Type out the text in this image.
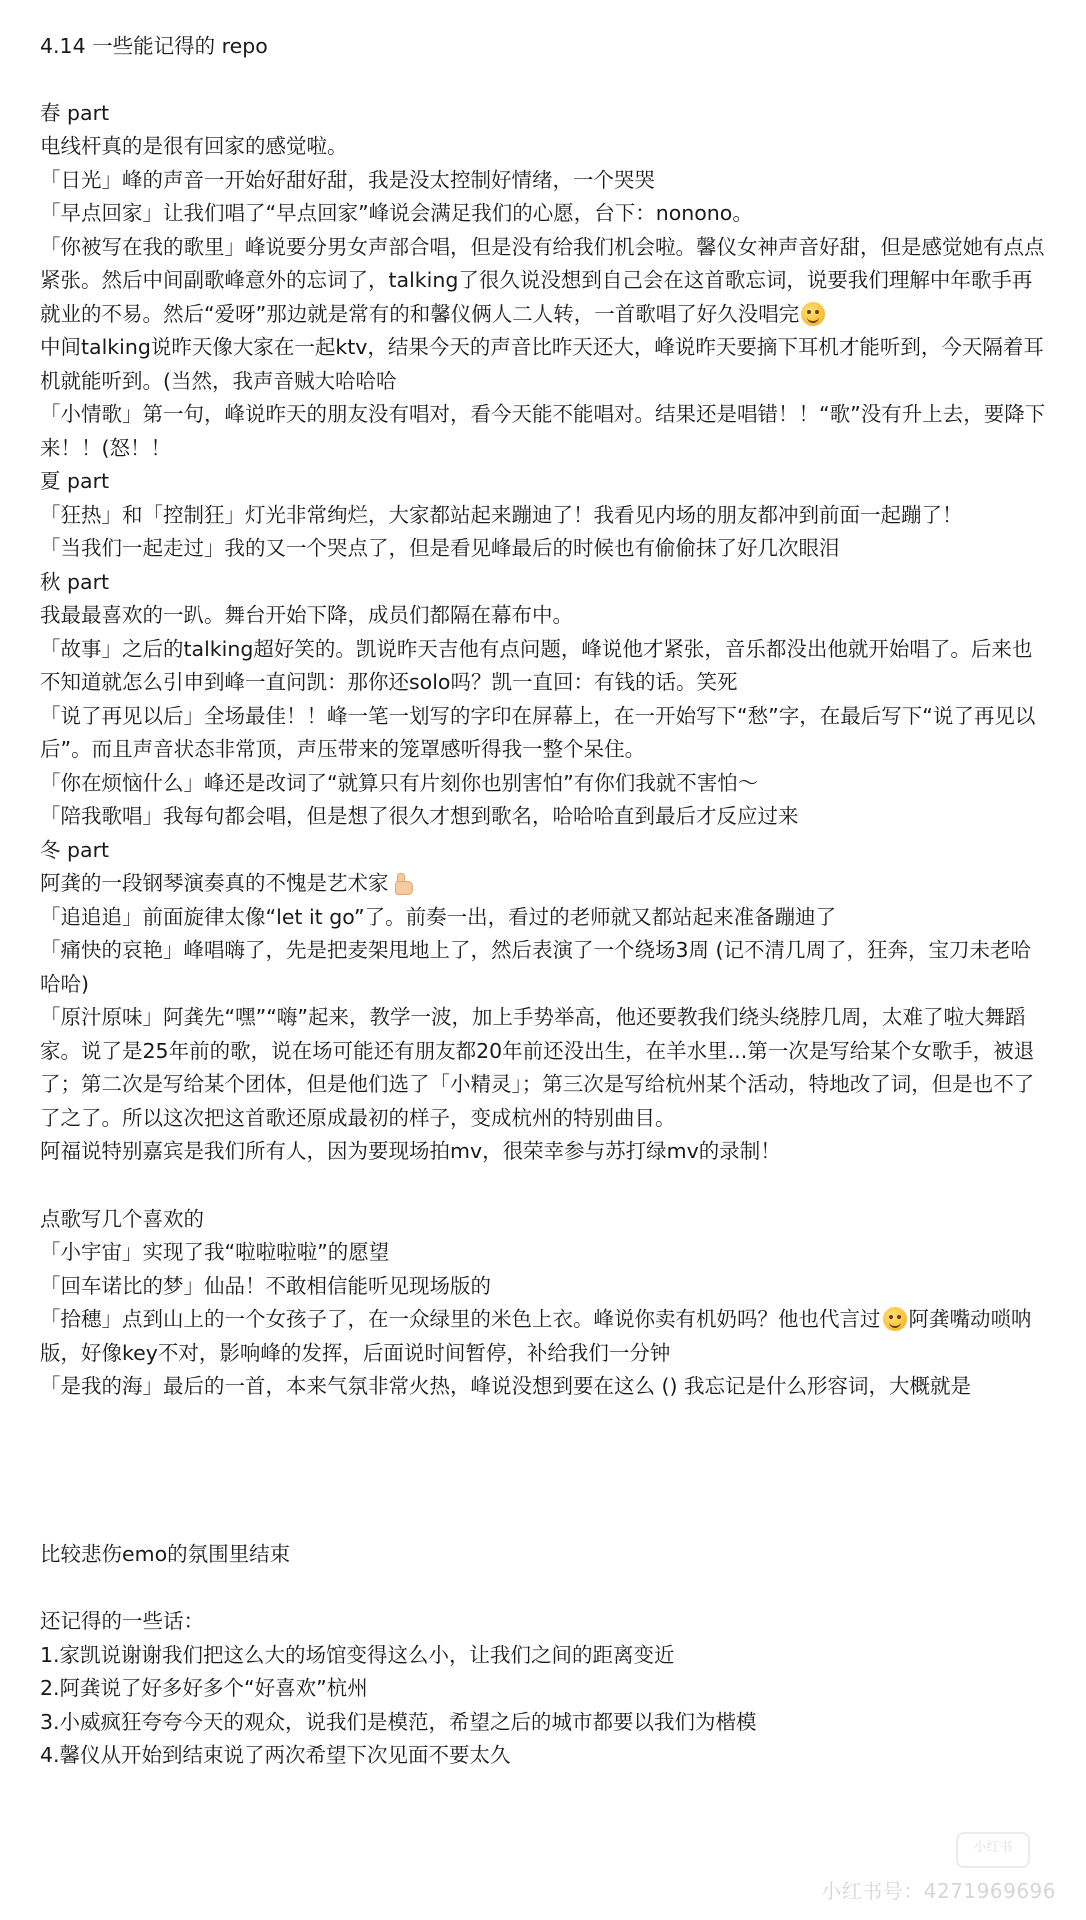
4.14 一些能记得的 repo

春 part

电线杆真的是很有回家的感觉啦。

「日光」峰的声音一开始好甜好甜，我是没太控制好情绪，一个哭哭

「早点回家」让我们唱了“早点回家”峰说会满足我们的心愿，台下：nonono。

「你被写在我的歌里」峰说要分男女声部合唱，但是没有给我们机会啦。馨仪女神声音好甜，但是感觉她有点点紧张。然后中间副歌峰意外的忘词了，talking了很久说没想到自己会在这首歌忘词，说要我们理解中年歌手再就业的不易。然后“爱呀”那边就是常有的和馨仪俩人二人转，一首歌唱了好久没唱完

中间talking说昨天像大家在一起ktv，结果今天的声音比昨天还大，峰说昨天要摘下耳机才能听到，今天隔着耳机就能听到。(当然，我声音贼大哈哈哈

「小情歌」第一句，峰说昨天的朋友没有唱对，看今天能不能唱对。结果还是唱错！！“歌”没有升上去，要降下来！！(怒！！

夏 part

「狂热」和「控制狂」灯光非常绚烂，大家都站起来蹦迪了！我看见内场的朋友都冲到前面一起蹦了！

「当我们一起走过」我的又一个哭点了，但是看见峰最后的时候也有偷偷抹了好几次眼泪

秋 part

我最最喜欢的一趴。舞台开始下降，成员们都隔在幕布中。

「故事」之后的talking超好笑的。凯说昨天吉他有点问题，峰说他才紧张，音乐都没出他就开始唱了。后来也不知道就怎么引申到峰一直问凯：那你还solo吗？凯一直回：有钱的话。笑死

「说了再见以后」全场最佳！！峰一笔一划写的字印在屏幕上，在一开始写下“愁”字，在最后写下“说了再见以后”。而且声音状态非常顶，声压带来的笼罩感听得我一整个呆住。

「你在烦恼什么」峰还是改词了“就算只有片刻你也别害怕”有你们我就不害怕～

「陪我歌唱」我每句都会唱，但是想了很久才想到歌名，哈哈哈直到最后才反应过来

冬 part

阿龚的一段钢琴演奏真的不愧是艺术家

「追追追」前面旋律太像“let it go”了。前奏一出，看过的老师就又都站起来准备蹦迪了

「痛快的哀艳」峰唱嗨了，先是把麦架甩地上了，然后表演了一个绕场3周 (记不清几周了，狂奔，宝刀未老哈哈哈)

「原汁原味」阿龚先“嘿”“嗨”起来，教学一波，加上手势举高，他还要教我们绕头绕脖几周，太难了啦大舞蹈家。说了是25年前的歌，说在场可能还有朋友都20年前还没出生，在羊水里...第一次是写给某个女歌手，被退了；第二次是写给某个团体，但是他们选了「小精灵」；第三次是写给杭州某个活动，特地改了词，但是也不了了之了。所以这次把这首歌还原成最初的样子，变成杭州的特别曲目。

阿福说特别嘉宾是我们所有人，因为要现场拍mv，很荣幸参与苏打绿mv的录制！

点歌写几个喜欢的

「小宇宙」实现了我“啦啦啦啦”的愿望

「回车诺比的梦」仙品！不敢相信能听见现场版的

「拾穗」点到山上的一个女孩子了，在一众绿里的米色上衣。峰说你卖有机奶吗？他也代言过 阿龚嘴动唢呐版，好像key不对，影响峰的发挥，后面说时间暂停，补给我们一分钟

「是我的海」最后的一首，本来气氛非常火热，峰说没想到要在这么 () 我忘记是什么形容词，大概就是

比较悲伤emo的氛围里结束

还记得的一些话：

1.家凯说谢谢我们把这么大的场馆变得这么小，让我们之间的距离变近

2.阿龚说了好多好多个“好喜欢”杭州

3.小威疯狂夸夸今天的观众，说我们是模范，希望之后的城市都要以我们为楷模

4.馨仪从开始到结束说了两次希望下次见面不要太久

小红书
小红书号：4271969696
